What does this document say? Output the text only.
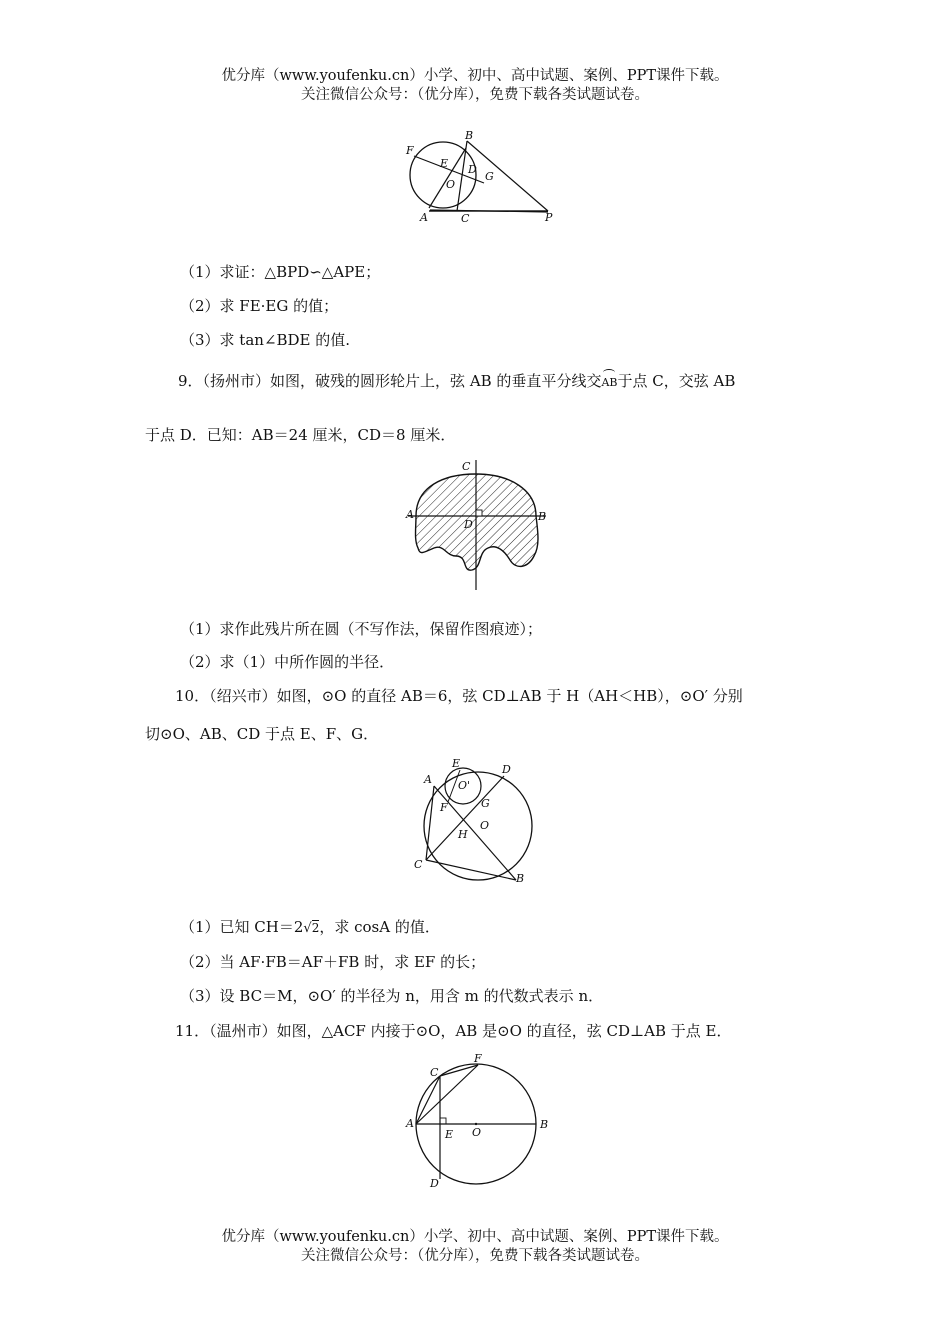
优分库（www.youfenku.cn）小学、初中、高中试题、案例、PPT课件下载。
关注微信公众号：（优分库），免费下载各类试题试卷。
B
F
E D
O
G
A	C	P
（1）求证：△BPD∽△APE；
（2）求 FE·EG 的值；
（3）求 tan∠BDE 的值.
9．（扬州市）如图，破残的圆形轮片上，弦 AB 的垂直平分线交AB于点 C，交弦 AB
于点 D．已知：AB＝24 厘米，CD＝8 厘米．
C
A
D
B
（1）求作此残片所在圆（不写作法，保留作图痕迹）；
（2）求（1）中所作圆的半径．
10．（绍兴市）如图，⊙O 的直径 AB＝6，弦 CD⊥AB 于 H（AH＜HB），⊙O′ 分别
切⊙O、AB、CD 于点 E、F、G．
E	D
A O'
G
F
O
H
C
B
（1）已知 CH＝2√2，求 cosA 的值．
（2）当 AF·FB＝AF＋FB 时，求 EF 的长；
（3）设 BC＝M，⊙O′ 的半径为 n，用含 m 的代数式表示 n．
11．（温州市）如图，△ACF 内接于⊙O，AB 是⊙O 的直径，弦 CD⊥AB 于点 E．
F
C
A
E O
B
D
优分库（www.youfenku.cn）小学、初中、高中试题、案例、PPT课件下载。
关注微信公众号：（优分库），免费下载各类试题试卷。
